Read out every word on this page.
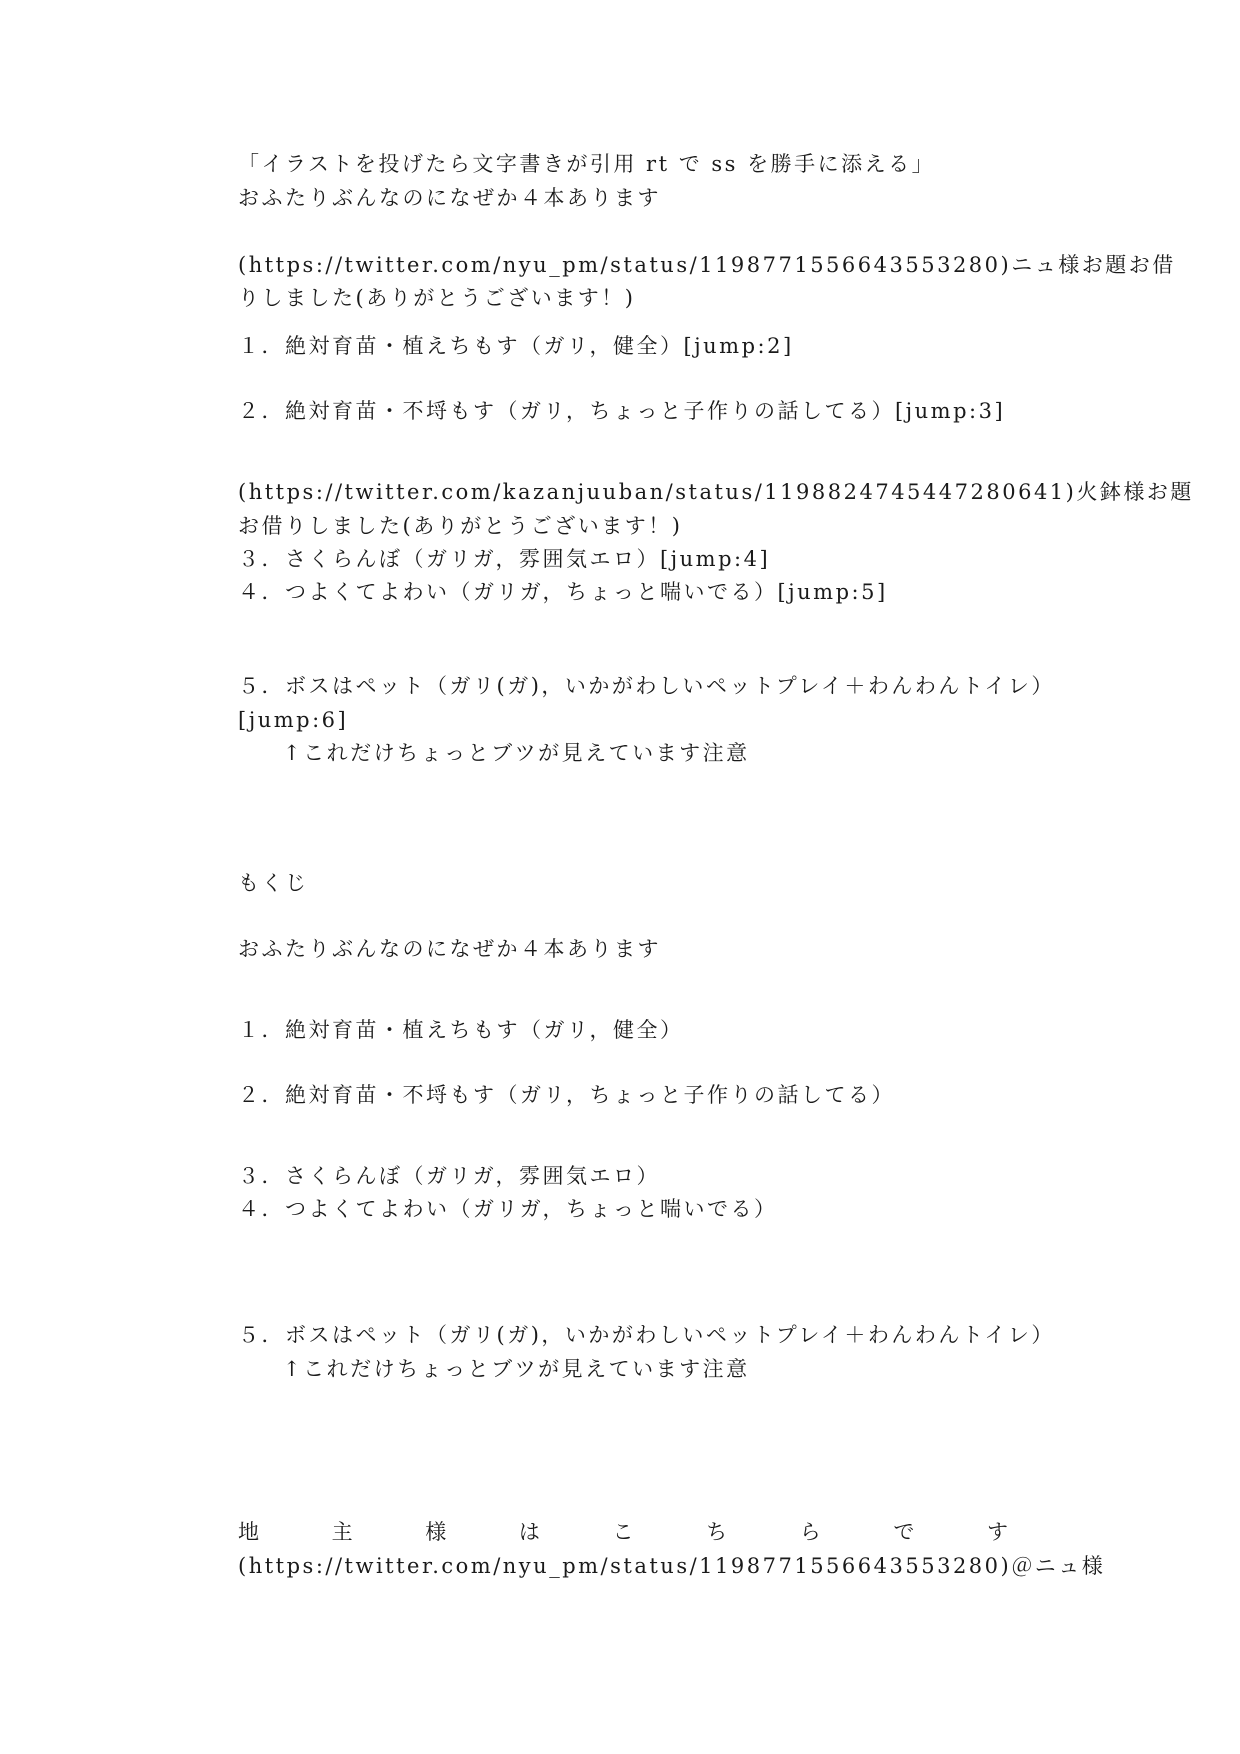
「イラストを投げたら文字書きが引用 rt で ss を勝手に添える」
おふたりぶんなのになぜか４本あります
(https://twitter.com/nyu_pm/status/1198771556643553280)ニュ様お題お借
りしました(ありがとうございます！)
１．絶対育苗・植えちもす（ガリ，健全）[jump:2]
２．絶対育苗・不埒もす（ガリ，ちょっと子作りの話してる）[jump:3]
(https://twitter.com/kazanjuuban/status/1198824745447280641)火鉢様お題
お借りしました(ありがとうございます！)
３．さくらんぼ（ガリガ，雰囲気エロ）[jump:4]
４．つよくてよわい（ガリガ，ちょっと喘いでる）[jump:5]
５．ボスはペット（ガリ(ガ)，いかがわしいペットプレイ＋わんわんトイレ）
[jump:6]
↑これだけちょっとブツが見えています注意
もくじ
おふたりぶんなのになぜか４本あります
１．絶対育苗・植えちもす（ガリ，健全）
２．絶対育苗・不埒もす（ガリ，ちょっと子作りの話してる）
３．さくらんぼ（ガリガ，雰囲気エロ）
４．つよくてよわい（ガリガ，ちょっと喘いでる）
５．ボスはペット（ガリ(ガ)，いかがわしいペットプレイ＋わんわんトイレ）
↑これだけちょっとブツが見えています注意
地	主	様	は	こ	ち	ら	で	す
(https://twitter.com/nyu_pm/status/1198771556643553280)＠ニュ様
